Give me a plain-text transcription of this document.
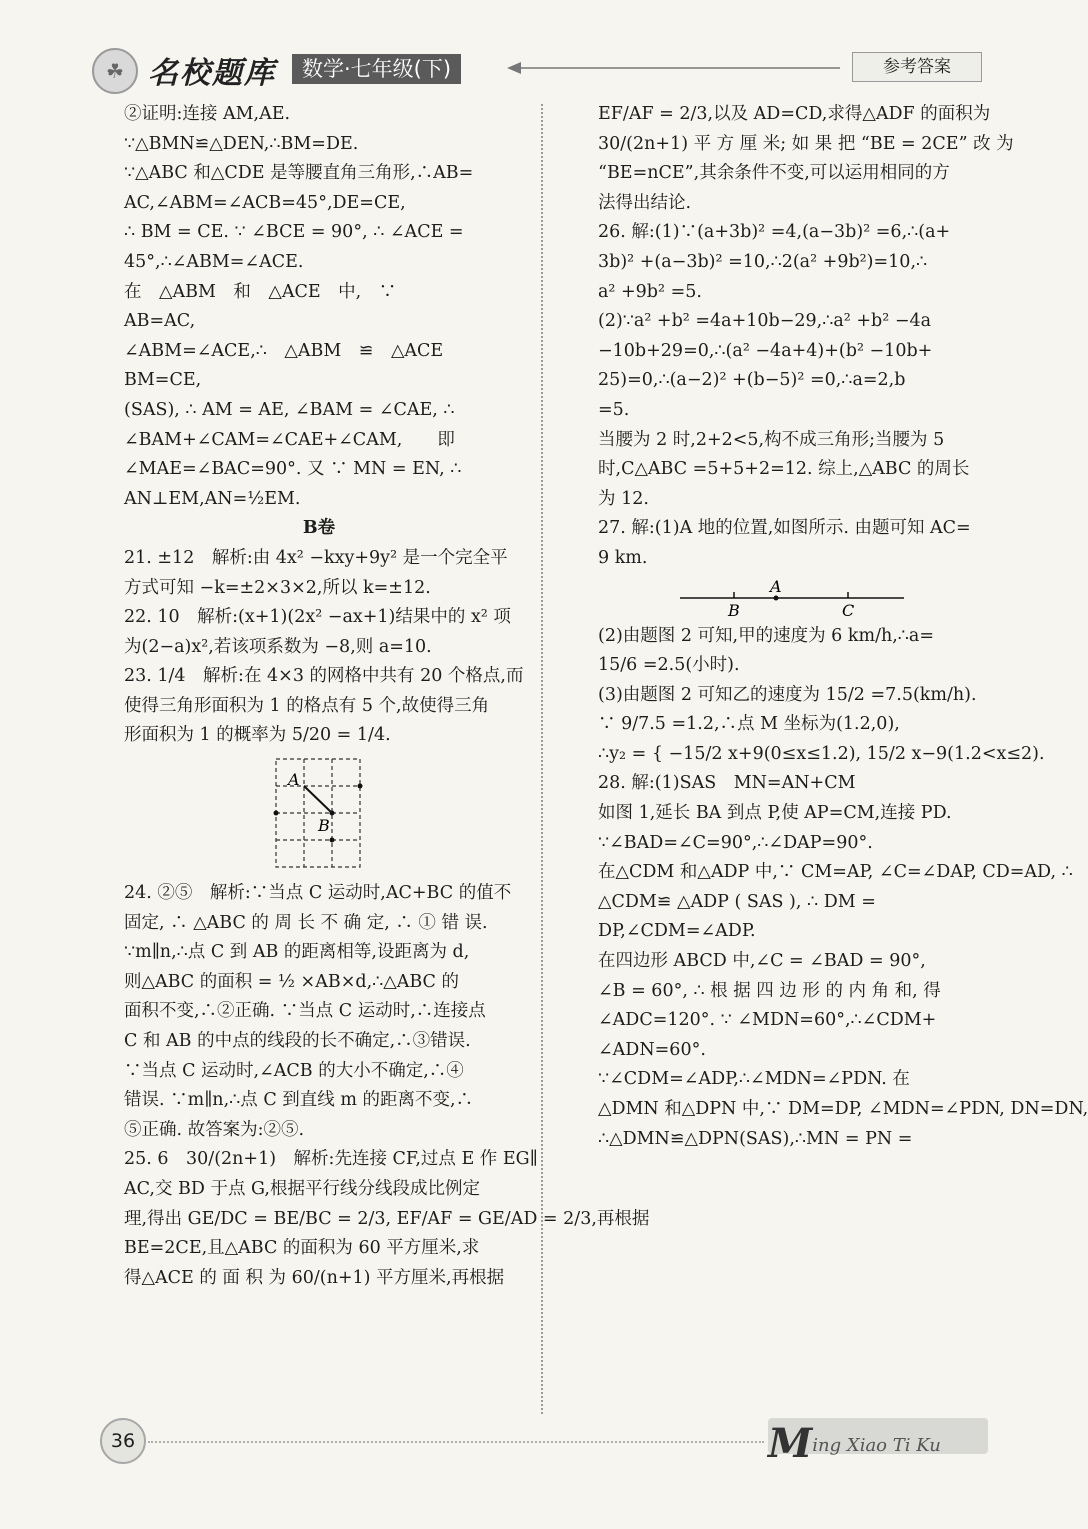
☘ 名校题库	数学·七年级(下)	参考答案
②证明:连接 AM,AE.
∵△BMN≌△DEN,∴BM=DE.
∵△ABC 和△CDE 是等腰直角三角形,∴AB=
AC,∠ABM=∠ACB=45°,DE=CE,
∴ BM = CE. ∵ ∠BCE = 90°, ∴ ∠ACE =
45°,∴∠ABM=∠ACE.
在　△ABM　和　△ACE　中,　∵
AB=AC,
∠ABM=∠ACE,∴　△ABM　≌　△ACE
BM=CE,
(SAS), ∴ AM = AE, ∠BAM = ∠CAE, ∴
∠BAM+∠CAM=∠CAE+∠CAM,　　即
∠MAE=∠BAC=90°. 又 ∵ MN = EN, ∴
AN⊥EM,AN=½EM.
B卷
21. ±12　解析:由 4x² −kxy+9y² 是一个完全平
方式可知 −k=±2×3×2,所以 k=±12.
22. 10　解析:(x+1)(2x² −ax+1)结果中的 x² 项
为(2−a)x²,若该项系数为 −8,则 a=10.
23. 1/4　解析:在 4×3 的网格中共有 20 个格点,而
使得三角形面积为 1 的格点有 5 个,故使得三角
形面积为 1 的概率为 5/20 = 1/4.
A
B
24. ②⑤　解析:∵当点 C 运动时,AC+BC 的值不
固定, ∴ △ABC 的 周 长 不 确 定, ∴ ① 错 误.
∵m∥n,∴点 C 到 AB 的距离相等,设距离为 d,
则△ABC 的面积 = ½ ×AB×d,∴△ABC 的
面积不变,∴②正确. ∵当点 C 运动时,∴连接点
C 和 AB 的中点的线段的长不确定,∴③错误.
∵当点 C 运动时,∠ACB 的大小不确定,∴④
错误. ∵m∥n,∴点 C 到直线 m 的距离不变,∴
⑤正确. 故答案为:②⑤.
25. 6　30/(2n+1)　解析:先连接 CF,过点 E 作 EG∥
AC,交 BD 于点 G,根据平行线分线段成比例定
理,得出 GE/DC = BE/BC = 2/3, EF/AF = GE/AD = 2/3,再根据
BE=2CE,且△ABC 的面积为 60 平方厘米,求
得△ACE 的 面 积 为 60/(n+1) 平方厘米,再根据
EF/AF = 2/3,以及 AD=CD,求得△ADF 的面积为
30/(2n+1) 平 方 厘 米; 如 果 把 “BE = 2CE” 改 为
“BE=nCE”,其余条件不变,可以运用相同的方
法得出结论.
26. 解:(1)∵(a+3b)² =4,(a−3b)² =6,∴(a+
3b)² +(a−3b)² =10,∴2(a² +9b²)=10,∴
a² +9b² =5.
(2)∵a² +b² =4a+10b−29,∴a² +b² −4a
−10b+29=0,∴(a² −4a+4)+(b² −10b+
25)=0,∴(a−2)² +(b−5)² =0,∴a=2,b
=5.
当腰为 2 时,2+2<5,构不成三角形;当腰为 5
时,C△ABC =5+5+2=12. 综上,△ABC 的周长
为 12.
27. 解:(1)A 地的位置,如图所示. 由题可知 AC=
9 km.
A
B	C
(2)由题图 2 可知,甲的速度为 6 km/h,∴a=
15/6 =2.5(小时).
(3)由题图 2 可知乙的速度为 15/2 =7.5(km/h).
∵ 9/7.5 =1.2,∴点 M 坐标为(1.2,0),
∴y₂ = { −15/2 x+9(0≤x≤1.2), 15/2 x−9(1.2<x≤2).
28. 解:(1)SAS　MN=AN+CM
如图 1,延长 BA 到点 P,使 AP=CM,连接 PD.
∵∠BAD=∠C=90°,∴∠DAP=90°.
在△CDM 和△ADP 中,∵ CM=AP, ∠C=∠DAP, CD=AD, ∴
△CDM≌ △ADP ( SAS ), ∴ DM =
DP,∠CDM=∠ADP.
在四边形 ABCD 中,∠C = ∠BAD = 90°,
∠B = 60°, ∴ 根 据 四 边 形 的 内 角 和, 得
∠ADC=120°. ∵ ∠MDN=60°,∴∠CDM+
∠ADN=60°.
∵∠CDM=∠ADP,∴∠MDN=∠PDN. 在
△DMN 和△DPN 中,∵ DM=DP, ∠MDN=∠PDN, DN=DN,
∴△DMN≌△DPN(SAS),∴MN = PN =
36	Ming Xiao Ti Ku
